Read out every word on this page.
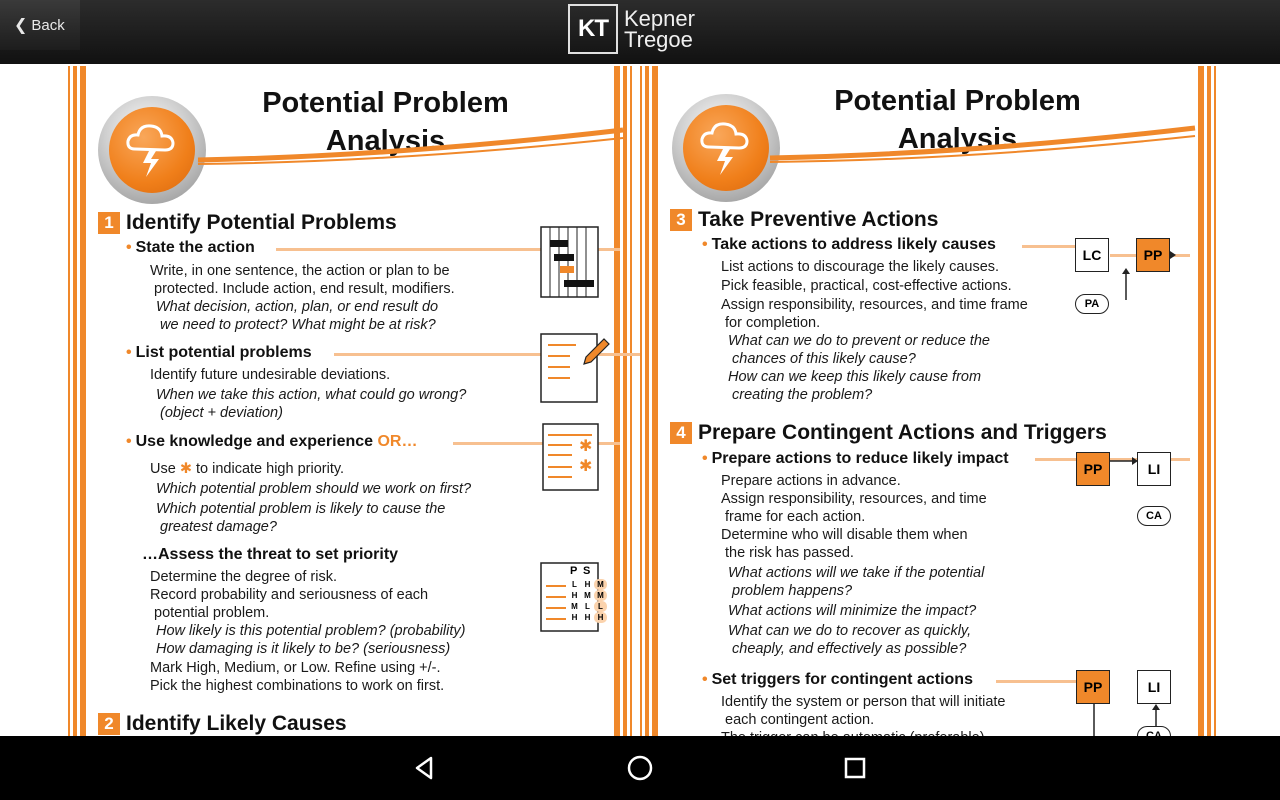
❮ Back	KT Kepner
Tregoe
Potential Problem
Analysis
1 Identify Potential Problems
• State the action
Write, in one sentence, the action or plan to be
protected. Include action, end result, modifiers.
What decision, action, plan, or end result do
we need to protect? What might be at risk?
• List potential problems
Identify future undesirable deviations.
When we take this action, what could go wrong?
(object + deviation)
• Use knowledge and experience OR…
Use ✱ to indicate high priority.
Which potential problem should we work on first?
Which potential problem is likely to cause the
greatest damage?
✱
✱
…Assess the threat to set priority
Determine the degree of risk.
Record probability and seriousness of each
potential problem.
How likely is this potential problem? (probability)
How damaging is it likely to be? (seriousness)
Mark High, Medium, or Low. Refine using +/-.
Pick the highest combinations to work on first.
P S
L H M
H M M
M L	L
H H H
2 Identify Likely Causes
Potential Problem
Analysis
3 Take Preventive Actions
• Take actions to address likely causes
List actions to discourage the likely causes.
Pick feasible, practical, cost-effective actions.
Assign responsibility, resources, and time frame
for completion.
What can we do to prevent or reduce the
chances of this likely cause?
How can we keep this likely cause from
creating the problem?
LC	PP
PA
4 Prepare Contingent Actions and Triggers
• Prepare actions to reduce likely impact
Prepare actions in advance.
Assign responsibility, resources, and time
frame for each action.
Determine who will disable them when
the risk has passed.
What actions will we take if the potential
problem happens?
What actions will minimize the impact?
What can we do to recover as quickly,
cheaply, and effectively as possible?
PP	LI
CA
• Set triggers for contingent actions
Identify the system or person that will initiate
each contingent action.
PP	LI
